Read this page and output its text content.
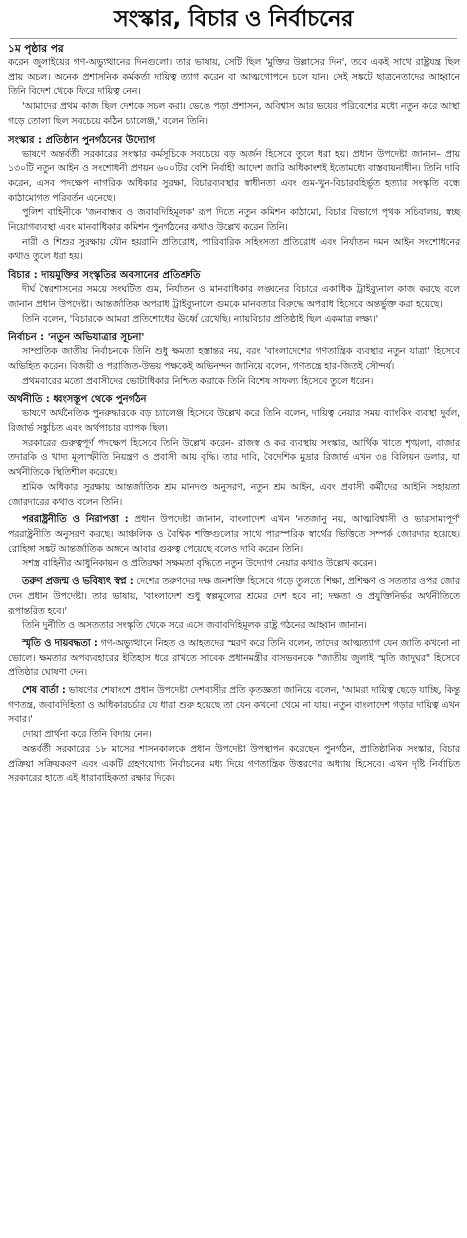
সংস্কার, বিচার ও নির্বাচনের
১ম পৃষ্ঠার পর

করেন জুলাইয়ের গণ-অভ্যুত্থানের দিনগুলো। তার ভাষায়, সেটি ছিল 'মুক্তির উল্লাসের দিন', তবে একই সাথে রাষ্ট্রযন্ত্র ছিল প্রায় অচল। অনেক প্রশাসনিক কর্মকর্তা দায়িত্ব ত্যাগ করেন বা আত্মগোপনে চলে যান। সেই সঙ্কটে ছাত্রনেতাদের আহ্বানে তিনি বিদেশ থেকে ফিরে দায়িত্ব নেন।

'আমাদের প্রথম কাজ ছিল দেশকে সচল করা। ভেঙে পড়া প্রশাসন, অবিশ্বাস আর ভয়ের পরিবেশের মধ্যে নতুন করে আস্থা গড়ে তোলা ছিল সবচেয়ে কঠিন চ্যালেঞ্জ,' বলেন তিনি।

সংস্কার : প্রতিষ্ঠান পুনর্গঠনের উদ্যোগ

ভাষণে অন্তর্বর্তী সরকারের সংস্কার কর্মসূচিকে সবচেয়ে বড় অর্জন হিসেবে তুলে ধরা হয়। প্রধান উপদেষ্টা জানান– প্রায় ১৩০টি নতুন আইন ও সংশোধনী প্রণয়ন ৬০০টির বেশি নির্বাহী আদেশ জারি অধিকাংশই ইতোমধ্যে বাস্তবায়নাধীন। তিনি দাবি করেন, এসব পদক্ষেপ নাগরিক অধিকার সুরক্ষা, বিচারব্যবস্থার স্বাধীনতা এবং গুম-খুন-বিচারবহির্ভূত হত্যার সংস্কৃতি বন্ধে কাঠামোগত পরিবর্তন এনেছে।

পুলিশ বাহিনীকে 'জনবান্ধব ও জবাবদিহিমূলক' রূপ দিতে নতুন কমিশন কাঠামো, বিচার বিভাগে পৃথক সচিবালয়, স্বচ্ছ নিয়োগব্যবস্থা এবং মানবাধিকার কমিশন পুনর্গঠনের কথাও উল্লেখ করেন তিনি।

নারী ও শিশুর সুরক্ষায় যৌন হয়রানি প্রতিরোধ, পারিবারিক সহিংসতা প্রতিরোধ এবং নির্যাতন দমন আইন সংশোধনের কথাও তুলে ধরা হয়।

বিচার : দায়মুক্তির সংস্কৃতির অবসানের প্রতিশ্রুতি

দীর্ঘ স্বৈরশাসনের সময়ে সংঘটিত গুম, নির্যাতন ও মানবাধিকার লঙ্ঘনের বিচারে একাধিক ট্রাইব্যুনাল কাজ করছে বলে জানান প্রধান উপদেষ্টা। আন্তর্জাতিক অপরাধ ট্রাইব্যুনালে গুমকে মানবতার বিরুদ্ধে অপরাধ হিসেবে অন্তর্ভুক্ত করা হয়েছে।

তিনি বলেন, 'বিচারকে আমরা প্রতিশোধের ঊর্ধ্বে রেখেছি। ন্যায়বিচার প্রতিষ্ঠাই ছিল একমাত্র লক্ষ্য।'

নির্বাচন : 'নতুন অভিযাত্রার সূচনা'

সাম্প্রতিক জাতীয় নির্বাচনকে তিনি শুধু ক্ষমতা হস্তান্তর নয়, বরং 'বাংলাদেশের গণতান্ত্রিক ব্যবস্থার নতুন যাত্রা' হিসেবে অভিহিত করেন। বিজয়ী ও পরাজিত-উভয় পক্ষকেই অভিনন্দন জানিয়ে বলেন, গণতন্ত্রে হার-জিতই সৌন্দর্য।

প্রথমবারের মতো প্রবাসীদের ভোটাধিকার নিশ্চিত করাকে তিনি বিশেষ সাফল্য হিসেবে তুলে ধরেন।

অর্থনীতি : ধ্বংসস্তূপ থেকে পুনর্গঠন

ভাষণে অর্থনৈতিক পুনরুদ্ধারকে বড় চ্যালেঞ্জ হিসেবে উল্লেখ করে তিনি বলেন, দায়িত্ব নেয়ার সময় ব্যাংকিং ব্যবস্থা দুর্বল, রিজার্ভ সঙ্কুচিত এবং অর্থপাচার ব্যাপক ছিল।

সরকারের গুরুত্বপূর্ণ পদক্ষেপ হিসেবে তিনি উল্লেখ করেন- রাজস্ব ও কর ব্যবস্থায় সংস্কার, আর্থিক খাতে শৃঙ্খলা, বাজার তদারকি ও খাদ্য মূল্যস্ফীতি নিয়ন্ত্রণ ও প্রবাসী আয় বৃদ্ধি। তার দাবি, বৈদেশিক মুদ্রার রিজার্ভ এখন ৩৪ বিলিয়ন ডলার, যা অর্থনীতিকে স্থিতিশীল করেছে।

শ্রমিক অধিকার সুরক্ষায় আন্তর্জাতিক শ্রম মানদণ্ড অনুসরণ, নতুন শ্রম আইন, এবং প্রবাসী কর্মীদের আইনি সহায়তা জোরদারের কথাও বলেন তিনি।

পররাষ্ট্রনীতি ও নিরাপত্তা : প্রধান উপদেষ্টা জানান, বাংলাদেশ এখন 'নতজানু নয়, আত্মবিশ্বাসী ও ভারসাম্যপূর্ণ' পররাষ্ট্রনীতি অনুসরণ করছে। আঞ্চলিক ও বৈশ্বিক শক্তিগুলোর সাথে পারস্পরিক স্বার্থের ভিত্তিতে সম্পর্ক জোরদার হয়েছে। রোহিঙ্গা সঙ্কট আন্তর্জাতিক অঙ্গনে আবার গুরুত্ব পেয়েছে বলেও দাবি করেন তিনি।

সশস্ত্র বাহিনীর আধুনিকায়ন ও প্রতিরক্ষা সক্ষমতা বৃদ্ধিতে নতুন উদ্যোগ নেয়ার কথাও উল্লেখ করেন।

তরুণ প্রজন্ম ও ভবিষ্যৎ স্বপ্ন : দেশের তরুণদের দক্ষ জনশক্তি হিসেবে গড়ে তুলতে শিক্ষা, প্রশিক্ষণ ও সততার ওপর জোর দেন প্রধান উপদেষ্টা। তার ভাষায়, 'বাংলাদেশ শুধু স্বল্পমূল্যের শ্রমের দেশ হবে না; দক্ষতা ও প্রযুক্তিনির্ভর অর্থনীতিতে রূপান্তরিত হবে।'

তিনি দুর্নীতি ও অসততার সংস্কৃতি থেকে সরে এসে জবাবদিহিমূলক রাষ্ট্র গঠনের আহ্বান জানান।

স্মৃতি ও দায়বদ্ধতা : গণ-অভ্যুত্থানে নিহত ও আহতদের স্মরণ করে তিনি বলেন, তাদের আত্মত্যাগ যেন জাতি কখনো না ভোলে। ক্ষমতার অপব্যবহারের ইতিহাস ধরে রাখতে সাবেক প্রধানমন্ত্রীর বাসভবনকে "জাতীয় জুলাই স্মৃতি জাদুঘর" হিসেবে প্রতিষ্ঠার ঘোষণা দেন।

শেষ বার্তা : ভাষণের শেষাংশে প্রধান উপদেষ্টা দেশবাসীর প্রতি কৃতজ্ঞতা জানিয়ে বলেন, 'আমরা দায়িত্ব ছেড়ে যাচ্ছি, কিন্তু গণতন্ত্র, জবাবদিহিতা ও অধিকারচর্চার যে ধারা শুরু হয়েছে তা যেন কখনো থেমে না যায়। নতুন বাংলাদেশ গড়ার দায়িত্ব এখন সবার।'

দোয়া প্রার্থনা করে তিনি বিদায় নেন।

অন্তর্বর্তী সরকারের ১৮ মাসের শাসনকালকে প্রধান উপদেষ্টা উপস্থাপন করেছেন পুনর্গঠন, প্রাতিষ্ঠানিক সংস্কার, বিচার প্রক্রিয়া সক্রিয়করণ এবং একটি গ্রহণযোগ্য নির্বাচনের মধ্য দিয়ে গণতান্ত্রিক উত্তরণের অধ্যায় হিসেবে। এখন দৃষ্টি নির্বাচিত সরকারের হাতে এই ধারাবাহিকতা রক্ষার দিকে।
